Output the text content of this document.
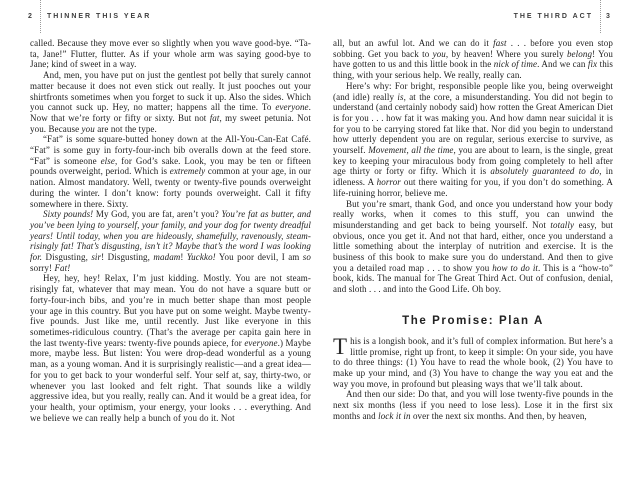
2 THINNER THIS YEAR	THE THIRD ACT 3

called. Because they move ever so slightly when you wave good-bye. “Ta-ta, Jane!” Flutter, flutter. As if your whole arm was saying good-bye to Jane; kind of sweet in a way.

And, men, you have put on just the gentlest pot belly that surely cannot matter because it does not even stick out really. It just pooches out your shirtfronts sometimes when you forget to suck it up. Also the sides. Which you cannot suck up. Hey, no matter; happens all the time. To everyone. Now that we’re forty or fifty or sixty. But not fat, my sweet petunia. Not you. Because you are not the type.

“Fat” is some square-butted honey down at the All-You-Can-Eat Café. “Fat” is some guy in forty-four-inch bib overalls down at the feed store. “Fat” is someone else, for God’s sake. Look, you may be ten or fifteen pounds overweight, period. Which is extremely common at your age, in our nation. Almost mandatory. Well, twenty or twenty-five pounds overweight during the winter. I don’t know: forty pounds overweight. Call it fifty somewhere in there. Sixty.

Sixty pounds! My God, you are fat, aren’t you? You’re fat as butter, and you’ve been lying to yourself, your family, and your dog for twenty dreadful years! Until today, when you are hideously, shamefully, ravenously, steam-risingly fat! That’s disgusting, isn’t it? Maybe that’s the word I was looking for. Disgusting, sir! Disgusting, madam! Yuckko! You poor devil, I am so sorry! Fat!

Hey, hey, hey! Relax, I’m just kidding. Mostly. You are not steam-risingly fat, whatever that may mean. You do not have a square butt or forty-four-inch bibs, and you’re in much better shape than most people your age in this country. But you have put on some weight. Maybe twenty-five pounds. Just like me, until recently. Just like everyone in this sometimes-ridiculous country. (That’s the average per capita gain here in the last twenty-five years: twenty-five pounds apiece, for everyone.) Maybe more, maybe less. But listen: You were drop-dead wonderful as a young man, as a young woman. And it is surprisingly realistic—and a great idea—for you to get back to your wonderful self. Your self at, say, thirty-two, or whenever you last looked and felt right. That sounds like a wildly aggressive idea, but you really, really can. And it would be a great idea, for your health, your optimism, your energy, your looks . . . everything. And we believe we can really help a bunch of you do it. Not

all, but an awful lot. And we can do it fast . . . before you even stop sobbing. Get you back to you, by heaven! Where you surely belong! You have gotten to us and this little book in the nick of time. And we can fix this thing, with your serious help. We really, really can.

Here’s why: For bright, responsible people like you, being overweight (and idle) really is, at the core, a misunderstanding. You did not begin to understand (and certainly nobody said) how rotten the Great American Diet is for you . . . how fat it was making you. And how damn near suicidal it is for you to be carrying stored fat like that. Nor did you begin to understand how utterly dependent you are on regular, serious exercise to survive, as yourself. Movement, all the time, you are about to learn, is the single, great key to keeping your miraculous body from going completely to hell after age thirty or forty or fifty. Which it is absolutely guaranteed to do, in idleness. A horror out there waiting for you, if you don’t do something. A life-ruining horror, believe me.

But you’re smart, thank God, and once you understand how your body really works, when it comes to this stuff, you can unwind the misunderstanding and get back to being yourself. Not totally easy, but obvious, once you get it. And not that hard, either, once you understand a little something about the interplay of nutrition and exercise. It is the business of this book to make sure you do understand. And then to give you a detailed road map . . . to show you how to do it. This is a “how-to” book, kids. The manual for The Great Third Act. Out of confusion, denial, and sloth . . . and into the Good Life. Oh boy.

The Promise: Plan A

This is a longish book, and it’s full of complex information. But here’s a little promise, right up front, to keep it simple: On your side, you have to do three things: (1) You have to read the whole book, (2) You have to make up your mind, and (3) You have to change the way you eat and the way you move, in profound but pleasing ways that we’ll talk about.

And then our side: Do that, and you will lose twenty-five pounds in the next six months (less if you need to lose less). Lose it in the first six months and lock it in over the next six months. And then, by heaven,
